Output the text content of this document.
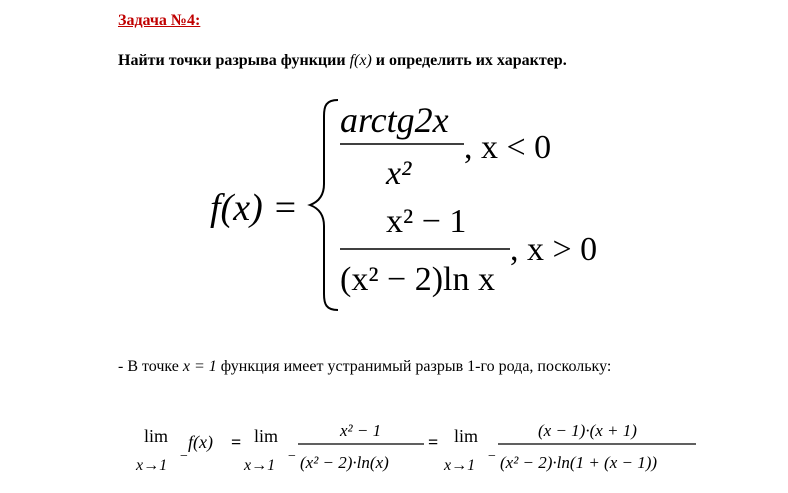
Задача №4:
Найти точки разрыва функции f(x) и определить их характер.
f(x) =
arctg2x
x²
, x < 0
x² − 1
(x² − 2)ln x
, x > 0
- В точке x = 1 функция имеет устранимый разрыв 1-го рода, поскольку:
lim
x→1
−
f(x) = lim
x→1
−
x² − 1
(x² − 2)·ln(x)
= lim
x→1
−
(x − 1)·(x + 1)
(x² − 2)·ln(1 + (x − 1))
